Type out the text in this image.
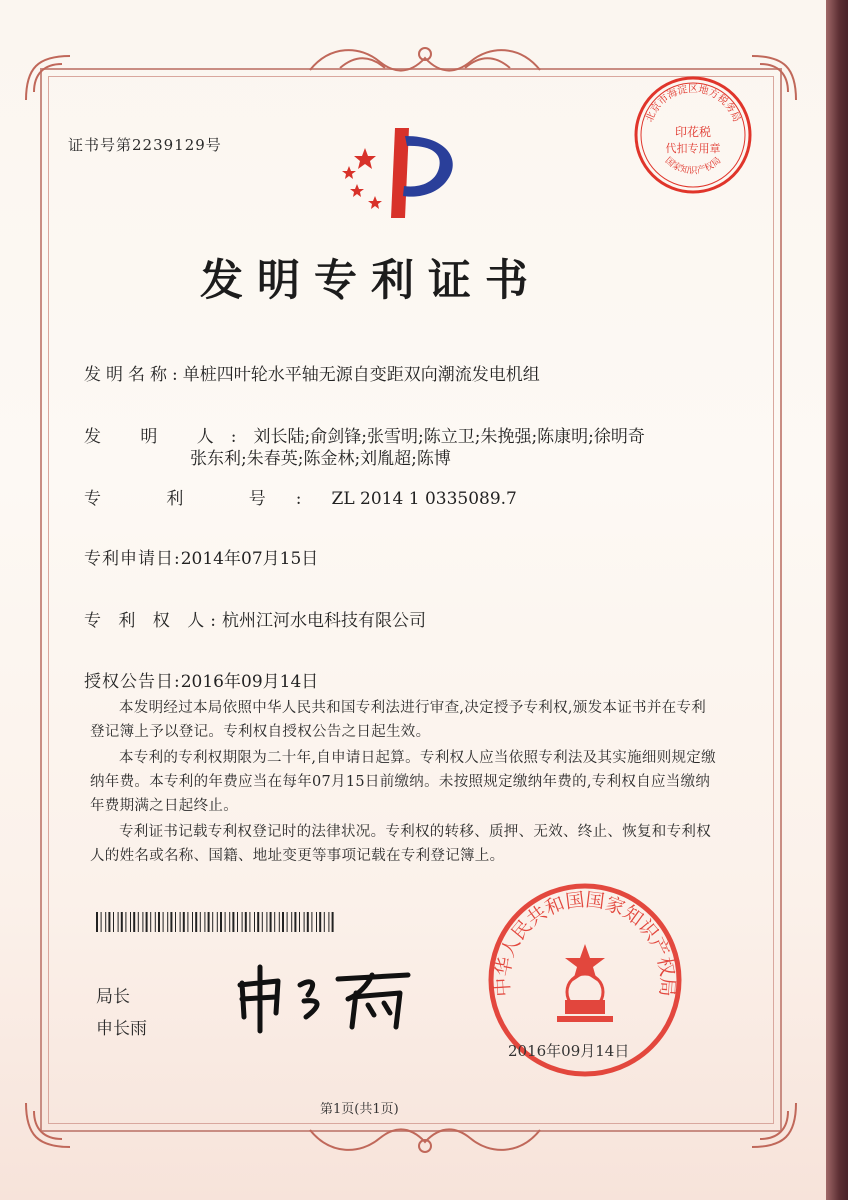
证书号第2239129号
发明专利证书
发明名称:单桩四叶轮水平轴无源自变距双向潮流发电机组
发 明 人:刘长陆;俞剑锋;张雪明;陈立卫;朱挽强;陈康明;徐明奇
张东利;朱春英;陈金林;刘胤超;陈博
专 利 号:ZL 2014 1 0335089.7
专利申请日:2014年07月15日
专 利 权 人:杭州江河水电科技有限公司
授权公告日:2016年09月14日
本发明经过本局依照中华人民共和国专利法进行审查,决定授予专利权,颁发本证书并在专利登记簿上予以登记。专利权自授权公告之日起生效。
本专利的专利权期限为二十年,自申请日起算。专利权人应当依照专利法及其实施细则规定缴纳年费。本专利的年费应当在每年07月15日前缴纳。未按照规定缴纳年费的,专利权自应当缴纳年费期满之日起终止。
专利证书记载专利权登记时的法律状况。专利权的转移、质押、无效、终止、恢复和专利权人的姓名或名称、国籍、地址变更等事项记载在专利登记簿上。
局长
申长雨
北京市海淀区地方税务局
印花税
代扣专用章
国家知识产权局
中华人民共和国国家知识产权局
2016年09月14日
第1页(共1页)
